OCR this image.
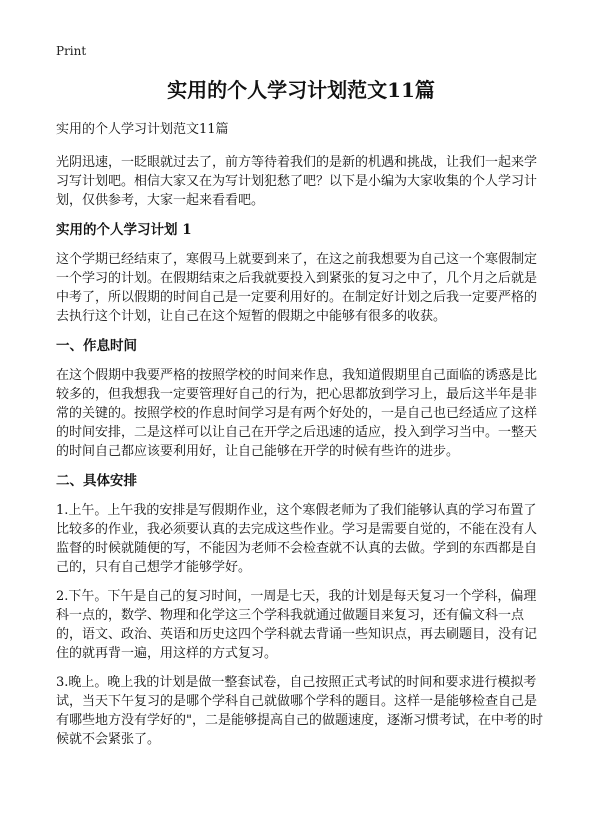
Print
实用的个人学习计划范文11篇
实用的个人学习计划范文11篇

光阴迅速，一眨眼就过去了，前方等待着我们的是新的机遇和挑战，让我们一起来学习写计划吧。相信大家又在为写计划犯愁了吧？以下是小编为大家收集的个人学习计划，仅供参考，大家一起来看看吧。

实用的个人学习计划 1

这个学期已经结束了，寒假马上就要到来了，在这之前我想要为自己这一个寒假制定一个学习的计划。在假期结束之后我就要投入到紧张的复习之中了，几个月之后就是中考了，所以假期的时间自己是一定要利用好的。在制定好计划之后我一定要严格的去执行这个计划，让自己在这个短暂的假期之中能够有很多的收获。

一、作息时间

在这个假期中我要严格的按照学校的时间来作息，我知道假期里自己面临的诱惑是比较多的，但我想我一定要管理好自己的行为，把心思都放到学习上，最后这半年是非常的关键的。按照学校的作息时间学习是有两个好处的，一是自己也已经适应了这样的时间安排，二是这样可以让自己在开学之后迅速的适应，投入到学习当中。一整天的时间自己都应该要利用好，让自己能够在开学的时候有些许的进步。

二、具体安排

1.上午。上午我的安排是写假期作业，这个寒假老师为了我们能够认真的学习布置了比较多的作业，我必须要认真的去完成这些作业。学习是需要自觉的，不能在没有人监督的时候就随便的写，不能因为老师不会检查就不认真的去做。学到的东西都是自己的，只有自己想学才能够学好。

2.下午。下午是自己的复习时间，一周是七天，我的计划是每天复习一个学科，偏理科一点的，数学、物理和化学这三个学科我就通过做题目来复习，还有偏文科一点的，语文、政治、英语和历史这四个学科就去背诵一些知识点，再去刷题目，没有记住的就再背一遍，用这样的方式复习。

3.晚上。晚上我的计划是做一整套试卷，自己按照正式考试的时间和要求进行模拟考试，当天下午复习的是哪个学科自己就做哪个学科的题目。这样一是能够检查自己是有哪些地方没有学好的"，二是能够提高自己的做题速度，逐渐习惯考试，在中考的时候就不会紧张了。
